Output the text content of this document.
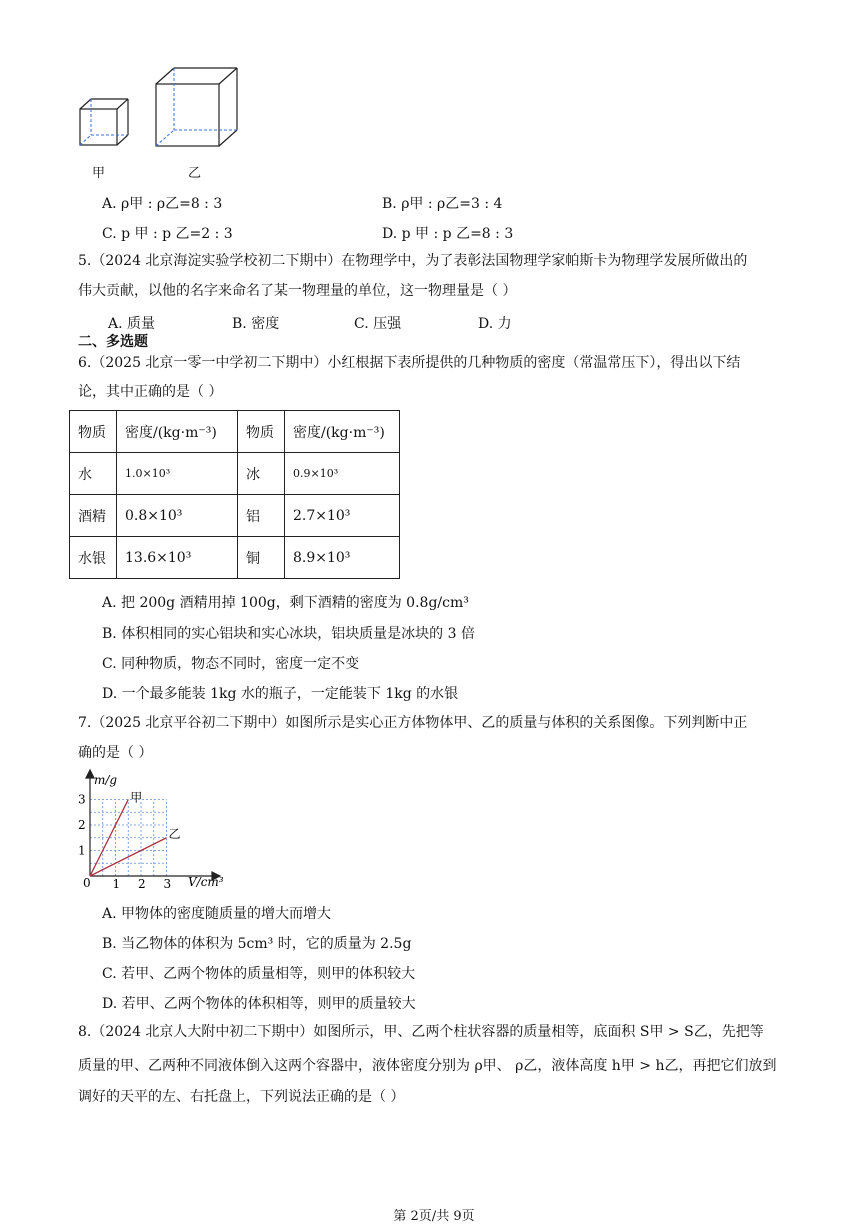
甲	乙
A. ρ甲 : ρ乙=8 : 3	B. ρ甲 : ρ乙=3 : 4
C. p 甲 : p 乙=2 : 3	D. p 甲 : p 乙=8 : 3
5.（2024 北京海淀实验学校初二下期中）在物理学中，为了表彰法国物理学家帕斯卡为物理学发展所做出的
伟大贡献，以他的名字来命名了某一物理量的单位，这一物理量是（ ）
A. 质量	B. 密度	C. 压强	D. 力
二、多选题
6.（2025 北京一零一中学初二下期中）小红根据下表所提供的几种物质的密度（常温常压下），得出以下结
论，其中正确的是（ ）
物质	密度/(kg·m⁻³)	物质	密度/(kg·m⁻³)
水	1.0×10³	冰	0.9×10³
酒精	0.8×10³	铝	2.7×10³
水银	13.6×10³	铜	8.9×10³
A. 把 200g 酒精用掉 100g，剩下酒精的密度为 0.8g/cm³
B. 体积相同的实心铝块和实心冰块，铝块质量是冰块的 3 倍
C. 同种物质，物态不同时，密度一定不变
D. 一个最多能装 1kg 水的瓶子，一定能装下 1kg 的水银
7.（2025 北京平谷初二下期中）如图所示是实心正方体物体甲、乙的质量与体积的关系图像。下列判断中正
确的是（ ）
甲
乙
1 2 3
1
2
3
m/g
V/cm³
0
A. 甲物体的密度随质量的增大而增大
B. 当乙物体的体积为 5cm³ 时，它的质量为 2.5g
C. 若甲、乙两个物体的质量相等，则甲的体积较大
D. 若甲、乙两个物体的体积相等，则甲的质量较大
8.（2024 北京人大附中初二下期中）如图所示，甲、乙两个柱状容器的质量相等，底面积 S甲 > S乙，先把等
质量的甲、乙两种不同液体倒入这两个容器中，液体密度分别为 ρ甲、 ρ乙，液体高度 h甲 > h乙，再把它们放到
调好的天平的左、右托盘上，下列说法正确的是（ ）
第 2页/共 9页
